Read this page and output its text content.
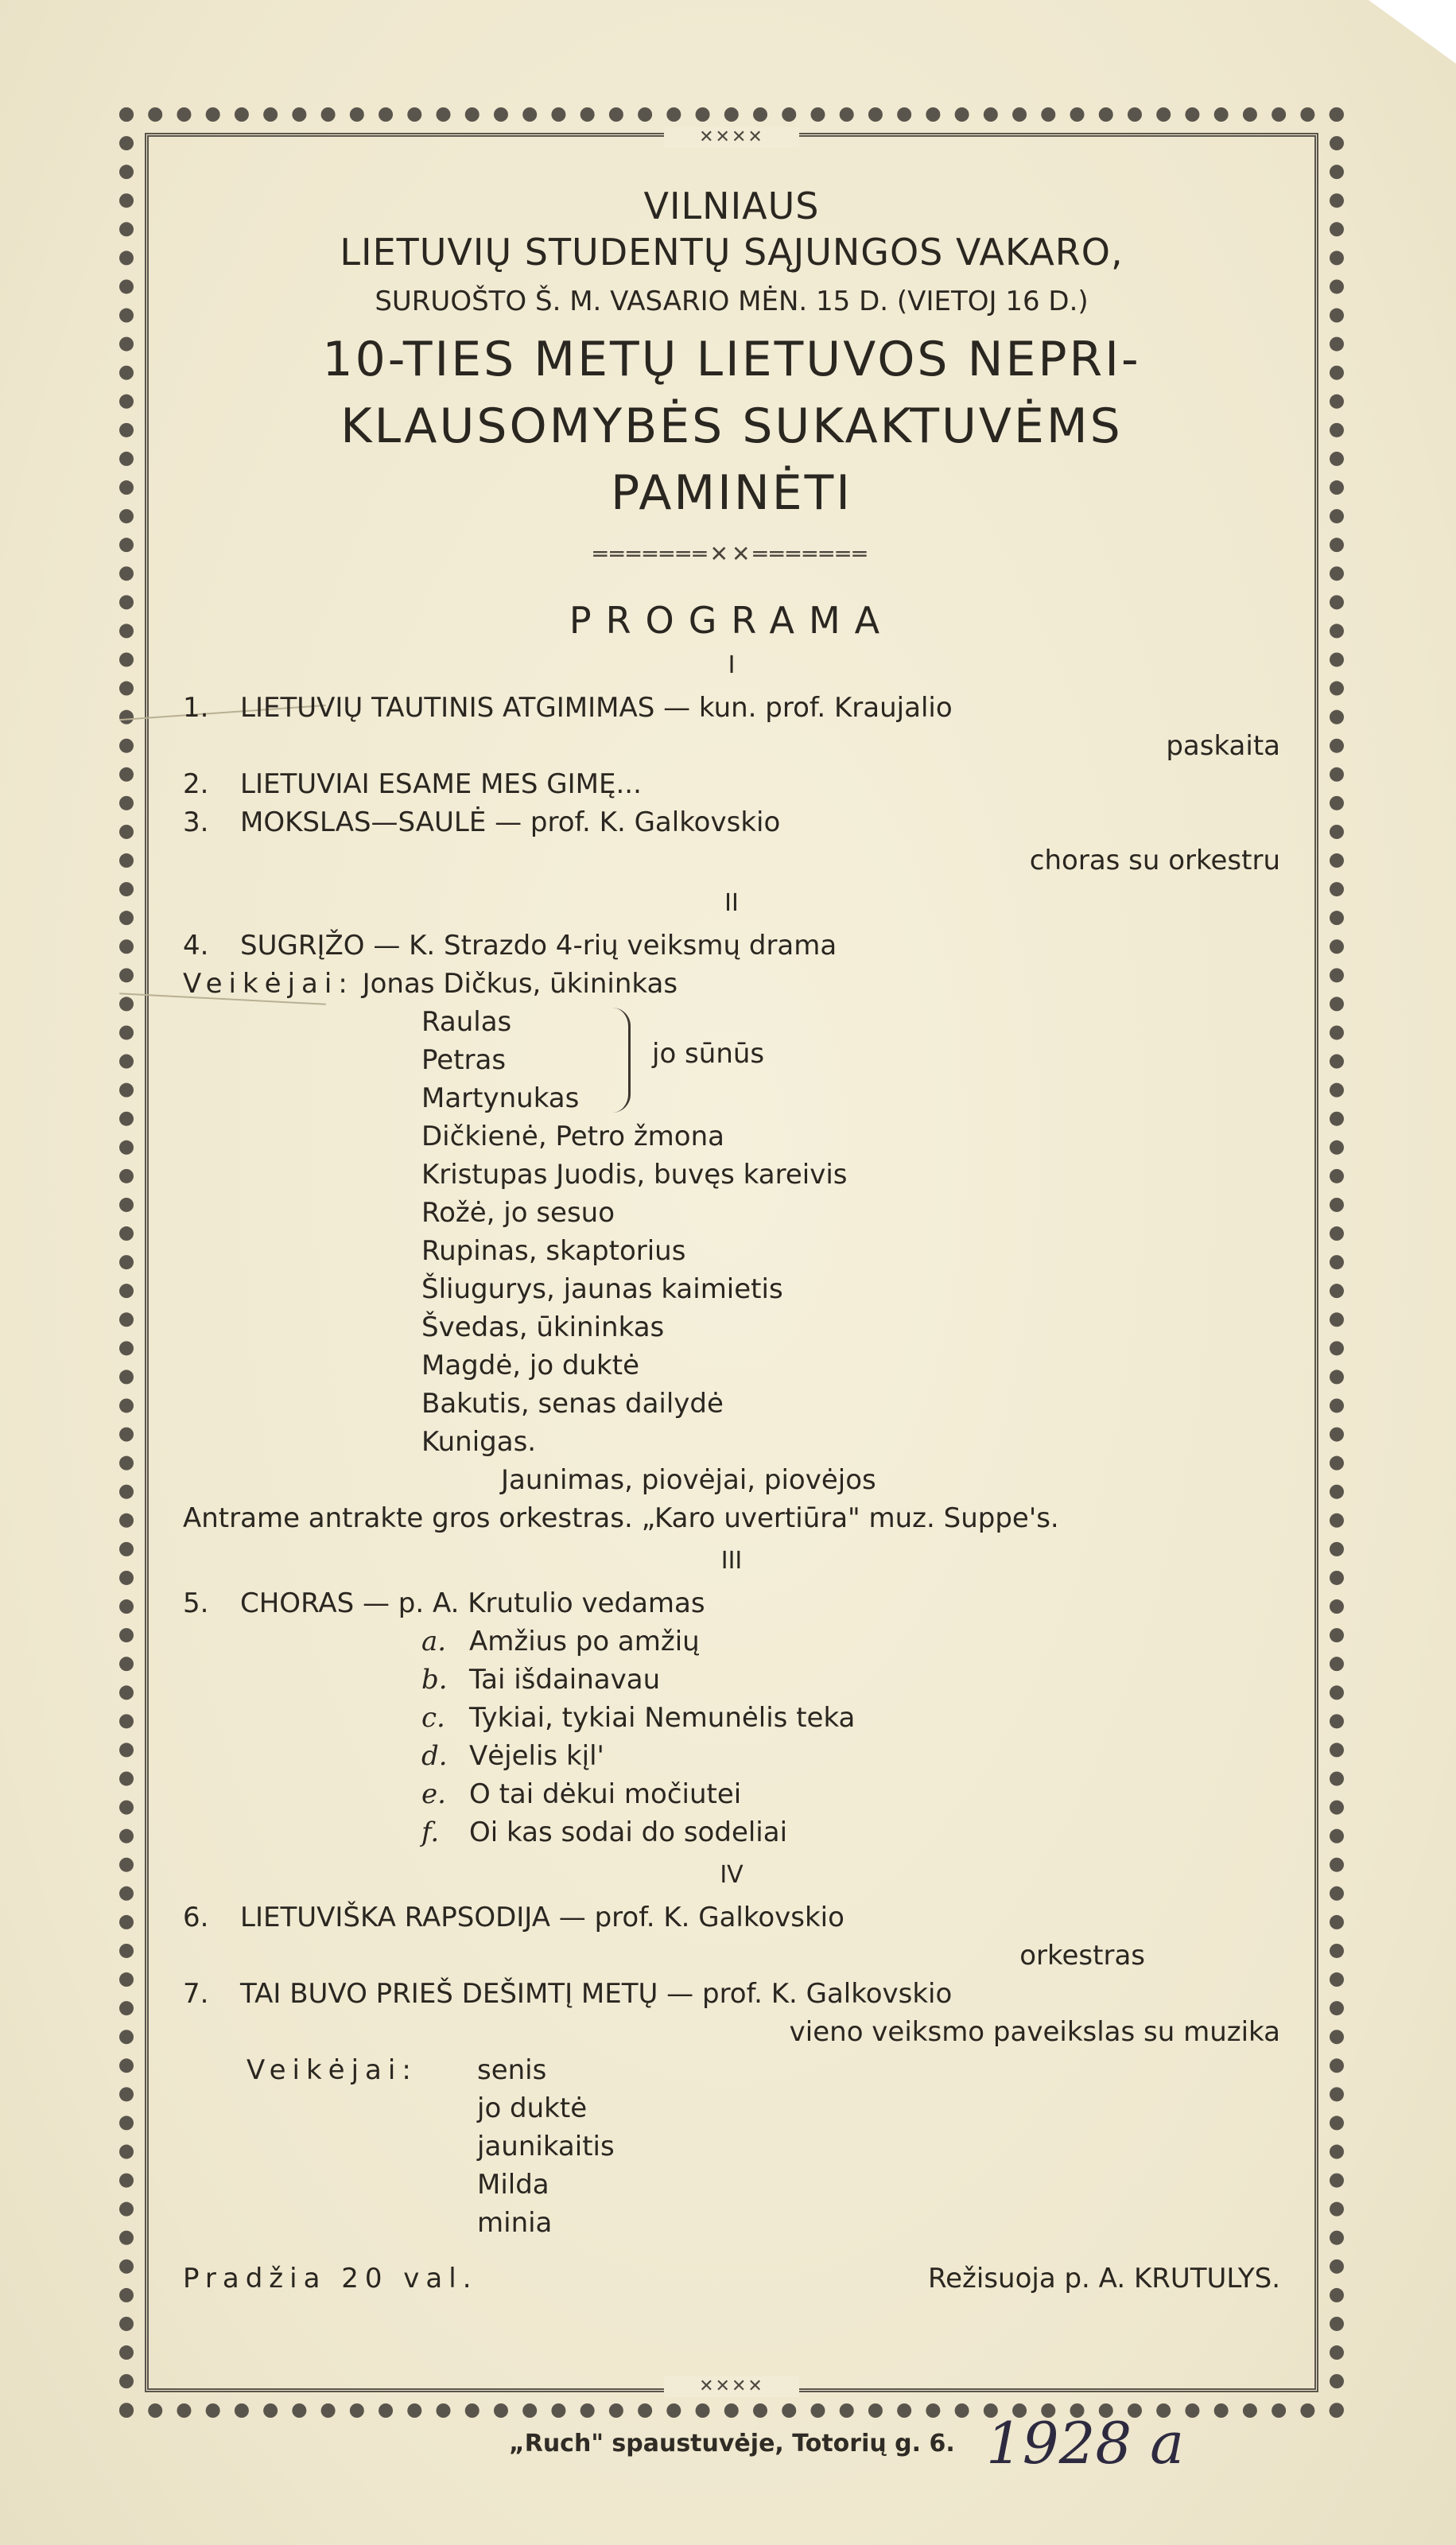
✕✕✕✕
✕✕✕✕
VILNIAUS
LIETUVIŲ STUDENTŲ SĄJUNGOS VAKARO,
SURUOŠTO Š. M. VASARIO MĖN. 15 D. (VIETOJ 16 D.)
10-TIES METŲ LIETUVOS NEPRI-
KLAUSOMYBĖS SUKAKTUVĖMS
PAMINĖTI
═══════✕✕═══════
PROGRAMA
I
1. LIETUVIŲ TAUTINIS ATGIMIMAS — kun. prof. Kraujalio
paskaita
2. LIETUVIAI ESAME MES GIMĘ...
3. MOKSLAS—SAULĖ — prof. K. Galkovskio
choras su orkestru
II
4. SUGRĮŽO — K. Strazdo 4-rių veiksmų drama
Veikėjai: Jonas Dičkus, ūkininkas
Raulas
Petras
Martynukas
jo sūnūs
Dičkienė, Petro žmona
Kristupas Juodis, buvęs kareivis
Rožė, jo sesuo
Rupinas, skaptorius
Šliugurys, jaunas kaimietis
Švedas, ūkininkas
Magdė, jo duktė
Bakutis, senas dailydė
Kunigas.
Jaunimas, piovėjai, piovėjos
Antrame antrakte gros orkestras. „Karo uvertiūra" muz. Suppe's.
III
5. CHORAS — p. A. Krutulio vedamas
a. Amžius po amžių
b. Tai išdainavau
c. Tykiai, tykiai Nemunėlis teka
d. Vėjelis kįl'
e. O tai dėkui močiutei
f. Oi kas sodai do sodeliai
IV
6. LIETUVIŠKA RAPSODIJA — prof. K. Galkovskio
orkestras
7. TAI BUVO PRIEŠ DEŠIMTĮ METŲ — prof. K. Galkovskio
vieno veiksmo paveikslas su muzika
Veikėjai: senis
jo duktė
jaunikaitis
Milda
minia
Pradžia 20 val.	Režisuoja p. A. KRUTULYS.
„Ruch" spaustuvėje, Totorių g. 6. 1928 a
